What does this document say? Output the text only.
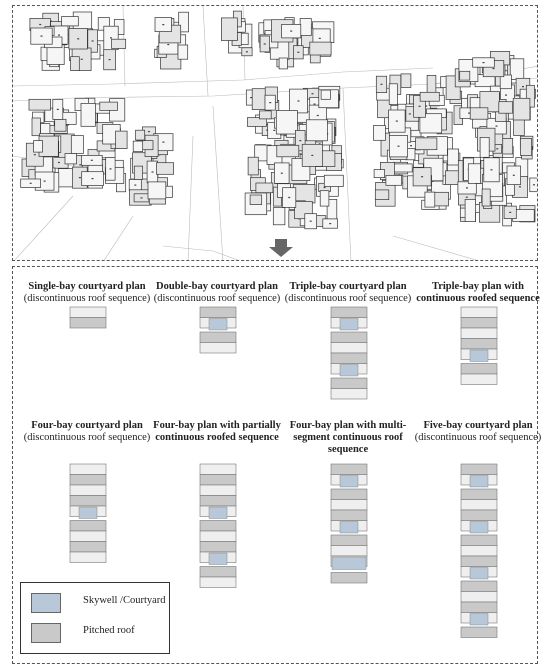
Single-bay courtyard plan
(discontinuous roof sequence)
Double-bay courtyard plan
(discontinuous roof sequence)
Triple-bay courtyard plan
(discontinuous roof sequence)
Triple-bay plan with
continuous roofed sequence
Four-bay courtyard plan
(discontinuous roof sequence)
Four-bay plan with partially
continuous roofed sequence
Four-bay plan with multi-
segment continuous roof
sequence
Five-bay courtyard plan
(discontinuous roof sequence)
Skywell /Courtyard
Pitched roof
